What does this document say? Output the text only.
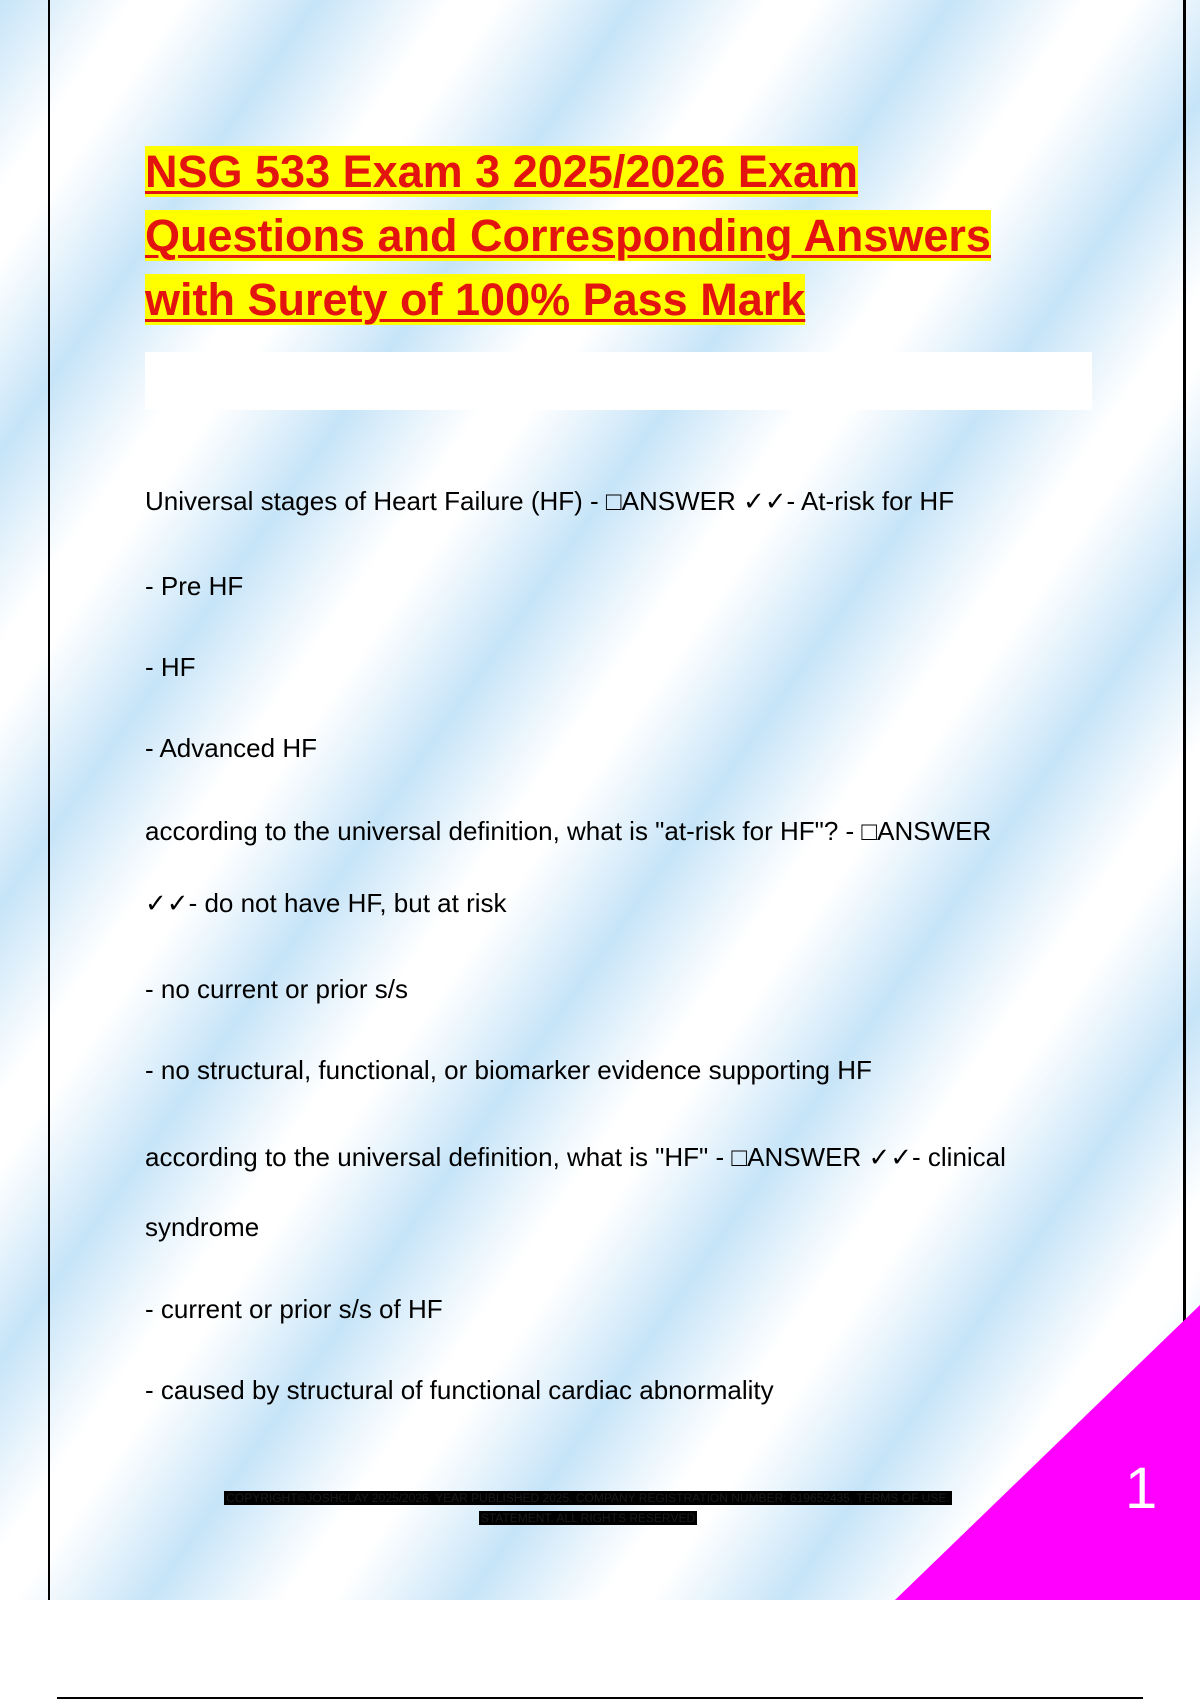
NSG 533 Exam 3 2025/2026 Exam
Questions and Corresponding Answers
with Surety of 100% Pass Mark

Universal stages of Heart Failure (HF) - □ANSWER ✓✓- At-risk for HF

- Pre HF

- HF

- Advanced HF

according to the universal definition, what is "at-risk for HF"? - □ANSWER

✓✓- do not have HF, but at risk

- no current or prior s/s

- no structural, functional, or biomarker evidence supporting HF

according to the universal definition, what is "HF" - □ANSWER ✓✓- clinical

syndrome

- current or prior s/s of HF

- caused by structural of functional cardiac abnormality

COPYRIGHT©JOSHCLAY 2025/2026. YEAR PUBLISHED 2025. COMPANY REGISTRATION NUMBER: 619652435. TERMS OF USE.
STATEMENT. ALL RIGHTS RESERVED	1
